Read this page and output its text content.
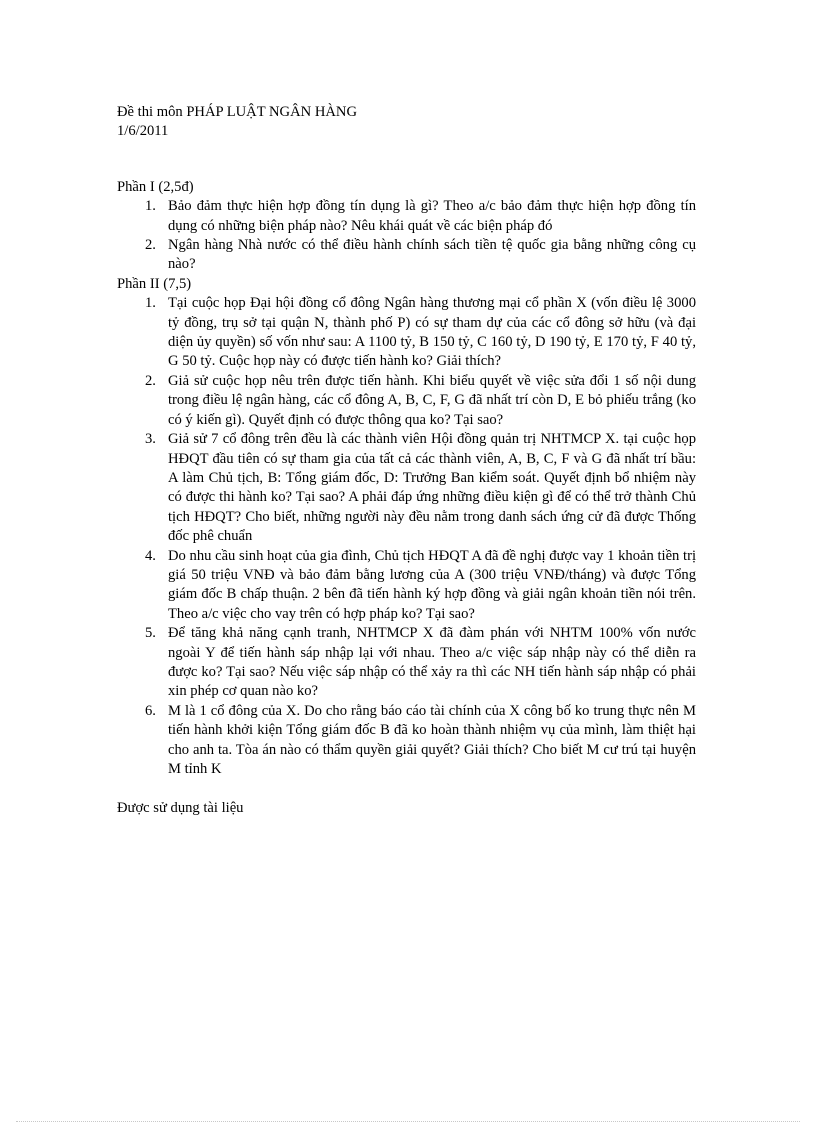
Đề thi môn PHÁP LUẬT NGÂN HÀNG
1/6/2011
Phần I (2,5đ)
1. Bảo đảm thực hiện hợp đồng tín dụng là gì? Theo a/c bảo đảm thực hiện hợp đồng tín dụng có những biện pháp nào? Nêu khái quát về các biện pháp đó
2. Ngân hàng Nhà nước có thể điều hành chính sách tiền tệ quốc gia bằng những công cụ nào?
Phần II (7,5)
1. Tại cuộc họp Đại hội đồng cổ đông Ngân hàng thương mại cổ phần X (vốn điều lệ 3000 tỷ đồng, trụ sở tại quận N, thành phố P) có sự tham dự của các cổ đông sở hữu (và đại diện ủy quyền) số vốn như sau: A 1100 tỷ, B 150 tỷ, C 160 tỷ, D 190 tỷ, E 170 tỷ, F 40 tỷ, G 50 tỷ. Cuộc họp này có được tiến hành ko? Giải thích?
2. Giả sử cuộc họp nêu trên được tiến hành. Khi biểu quyết về việc sửa đổi 1 số nội dung trong điều lệ ngân hàng, các cổ đông A, B, C, F, G đã nhất trí còn D, E bỏ phiếu trắng (ko có ý kiến gì). Quyết định có được thông qua ko? Tại sao?
3. Giả sử 7 cổ đông trên đều là các thành viên Hội đồng quản trị NHTMCP X. tại cuộc họp HĐQT đầu tiên có sự tham gia của tất cả các thành viên, A, B, C, F và G đã nhất trí bầu: A làm Chủ tịch, B: Tổng giám đốc, D: Trưởng Ban kiểm soát. Quyết định bổ nhiệm này có được thi hành ko? Tại sao? A phải đáp ứng những điều kiện gì để có thể trở thành Chủ tịch HĐQT? Cho biết, những người này đều nằm trong danh sách ứng cử đã được Thống đốc phê chuẩn
4. Do nhu cầu sinh hoạt của gia đình, Chủ tịch HĐQT A đã đề nghị được vay 1 khoản tiền trị giá 50 triệu VNĐ và bảo đảm bằng lương của A (300 triệu VNĐ/tháng) và được Tổng giám đốc B chấp thuận. 2 bên đã tiến hành ký hợp đồng và giải ngân khoản tiền nói trên. Theo a/c việc cho vay trên có hợp pháp ko? Tại sao?
5. Để tăng khả năng cạnh tranh, NHTMCP X đã đàm phán với NHTM 100% vốn nước ngoài Y để tiến hành sáp nhập lại với nhau. Theo a/c việc sáp nhập này có thể diễn ra được ko? Tại sao? Nếu việc sáp nhập có thể xảy ra thì các NH tiến hành sáp nhập có phải xin phép cơ quan nào ko?
6. M là 1 cổ đông của X. Do cho rằng báo cáo tài chính của X công bố ko trung thực nên M tiến hành khởi kiện Tổng giám đốc B đã ko hoàn thành nhiệm vụ của mình, làm thiệt hại cho anh ta. Tòa án nào có thẩm quyền giải quyết? Giải thích? Cho biết M cư trú tại huyện M tỉnh K
Được sử dụng tài liệu
